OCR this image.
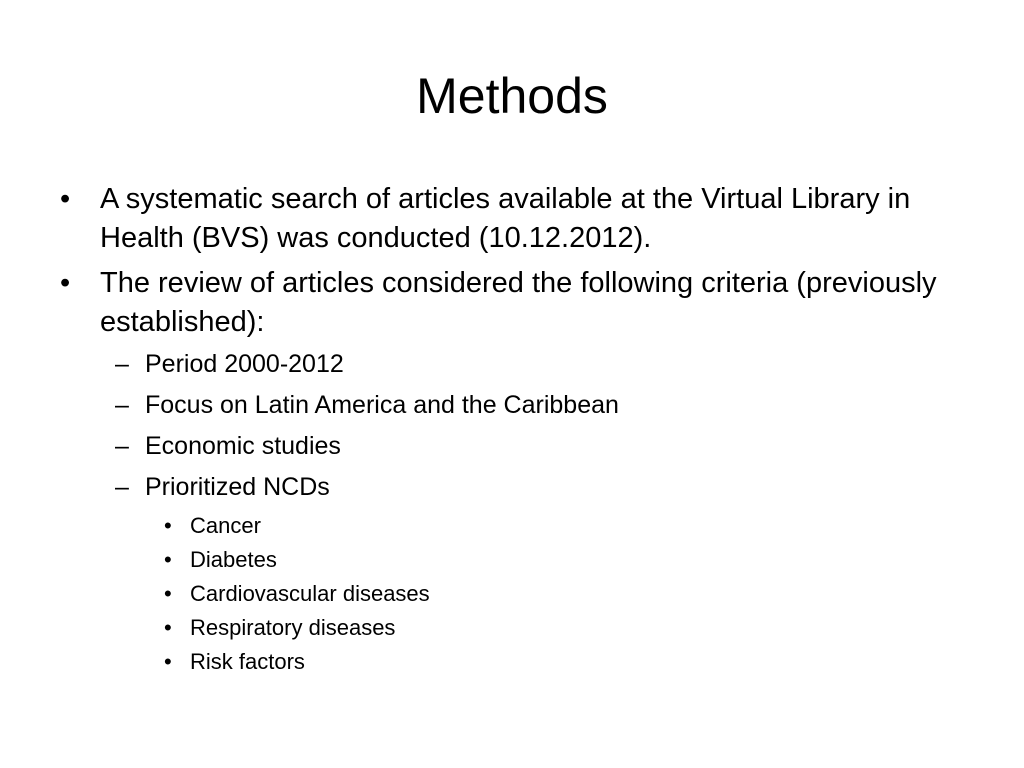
Methods
•	A systematic search of articles available at the Virtual Library in Health (BVS) was conducted (10.12.2012).
•	The review of articles considered the following criteria (previously established):
– Period 2000-2012
– Focus on Latin America and the Caribbean
– Economic studies
– Prioritized NCDs
• Cancer
• Diabetes
• Cardiovascular diseases
• Respiratory diseases
• Risk factors
